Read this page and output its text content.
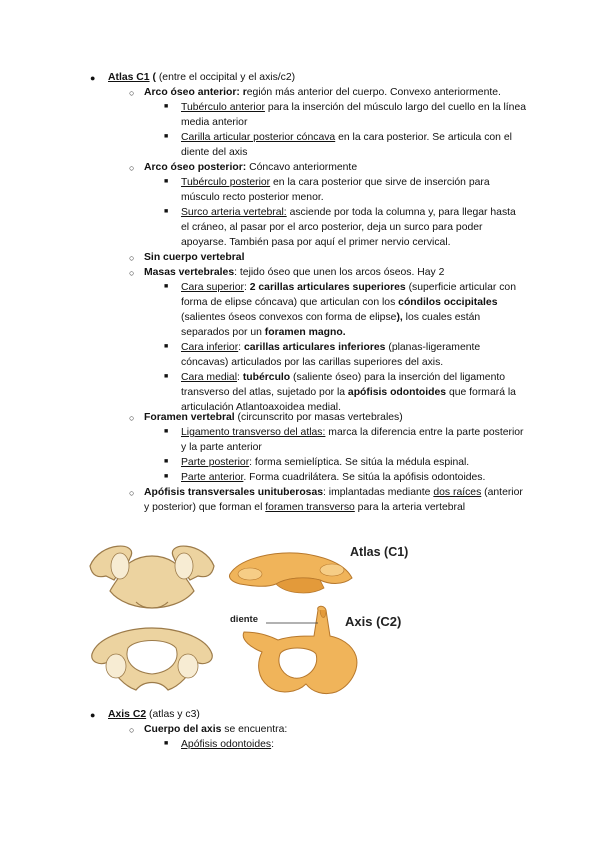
● Atlas C1 ( (entre el occipital y el axis/c2)
○ Arco óseo anterior: región más anterior del cuerpo. Convexo anteriormente.
■ Tubérculo anterior para la inserción del músculo largo del cuello en la línea media anterior
■ Carilla articular posterior cóncava en la cara posterior. Se articula con el diente del axis
○ Arco óseo posterior: Cóncavo anteriormente
■ Tubérculo posterior en la cara posterior que sirve de inserción para músculo recto posterior menor.
■ Surco arteria vertebral: asciende por toda la columna y, para llegar hasta el cráneo, al pasar por el arco posterior, deja un surco para poder apoyarse. También pasa por aquí el primer nervio cervical.
○ Sin cuerpo vertebral
○ Masas vertebrales: tejido óseo que unen los arcos óseos. Hay 2
■ Cara superior: 2 carillas articulares superiores (superficie articular con forma de elipse cóncava) que articulan con los cóndilos occipitales (salientes óseos convexos con forma de elipse), los cuales están separados por un foramen magno.
■ Cara inferior: carillas articulares inferiores (planas-ligeramente cóncavas) articulados por las carillas superiores del axis.
■ Cara medial: tubérculo (saliente óseo) para la inserción del ligamento transverso del atlas, sujetado por la apófisis odontoides que formará la articulación Atlantoaxoidea medial.
○ Foramen vertebral (circunscrito por masas vertebrales)
■ Ligamento transverso del atlas: marca la diferencia entre la parte posterior y la parte anterior
■ Parte posterior: forma semielíptica. Se sitúa la médula espinal.
■ Parte anterior. Forma cuadrilátera. Se sitúa la apófisis odontoides.
○ Apófisis transversales unituberosas: implantadas mediante dos raíces (anterior y posterior) que forman el foramen transverso para la arteria vertebral
Atlas (C1)
Axis (C2)
diente
● Axis C2 (atlas y c3)
○ Cuerpo del axis se encuentra:
■ Apófisis odontoides:
